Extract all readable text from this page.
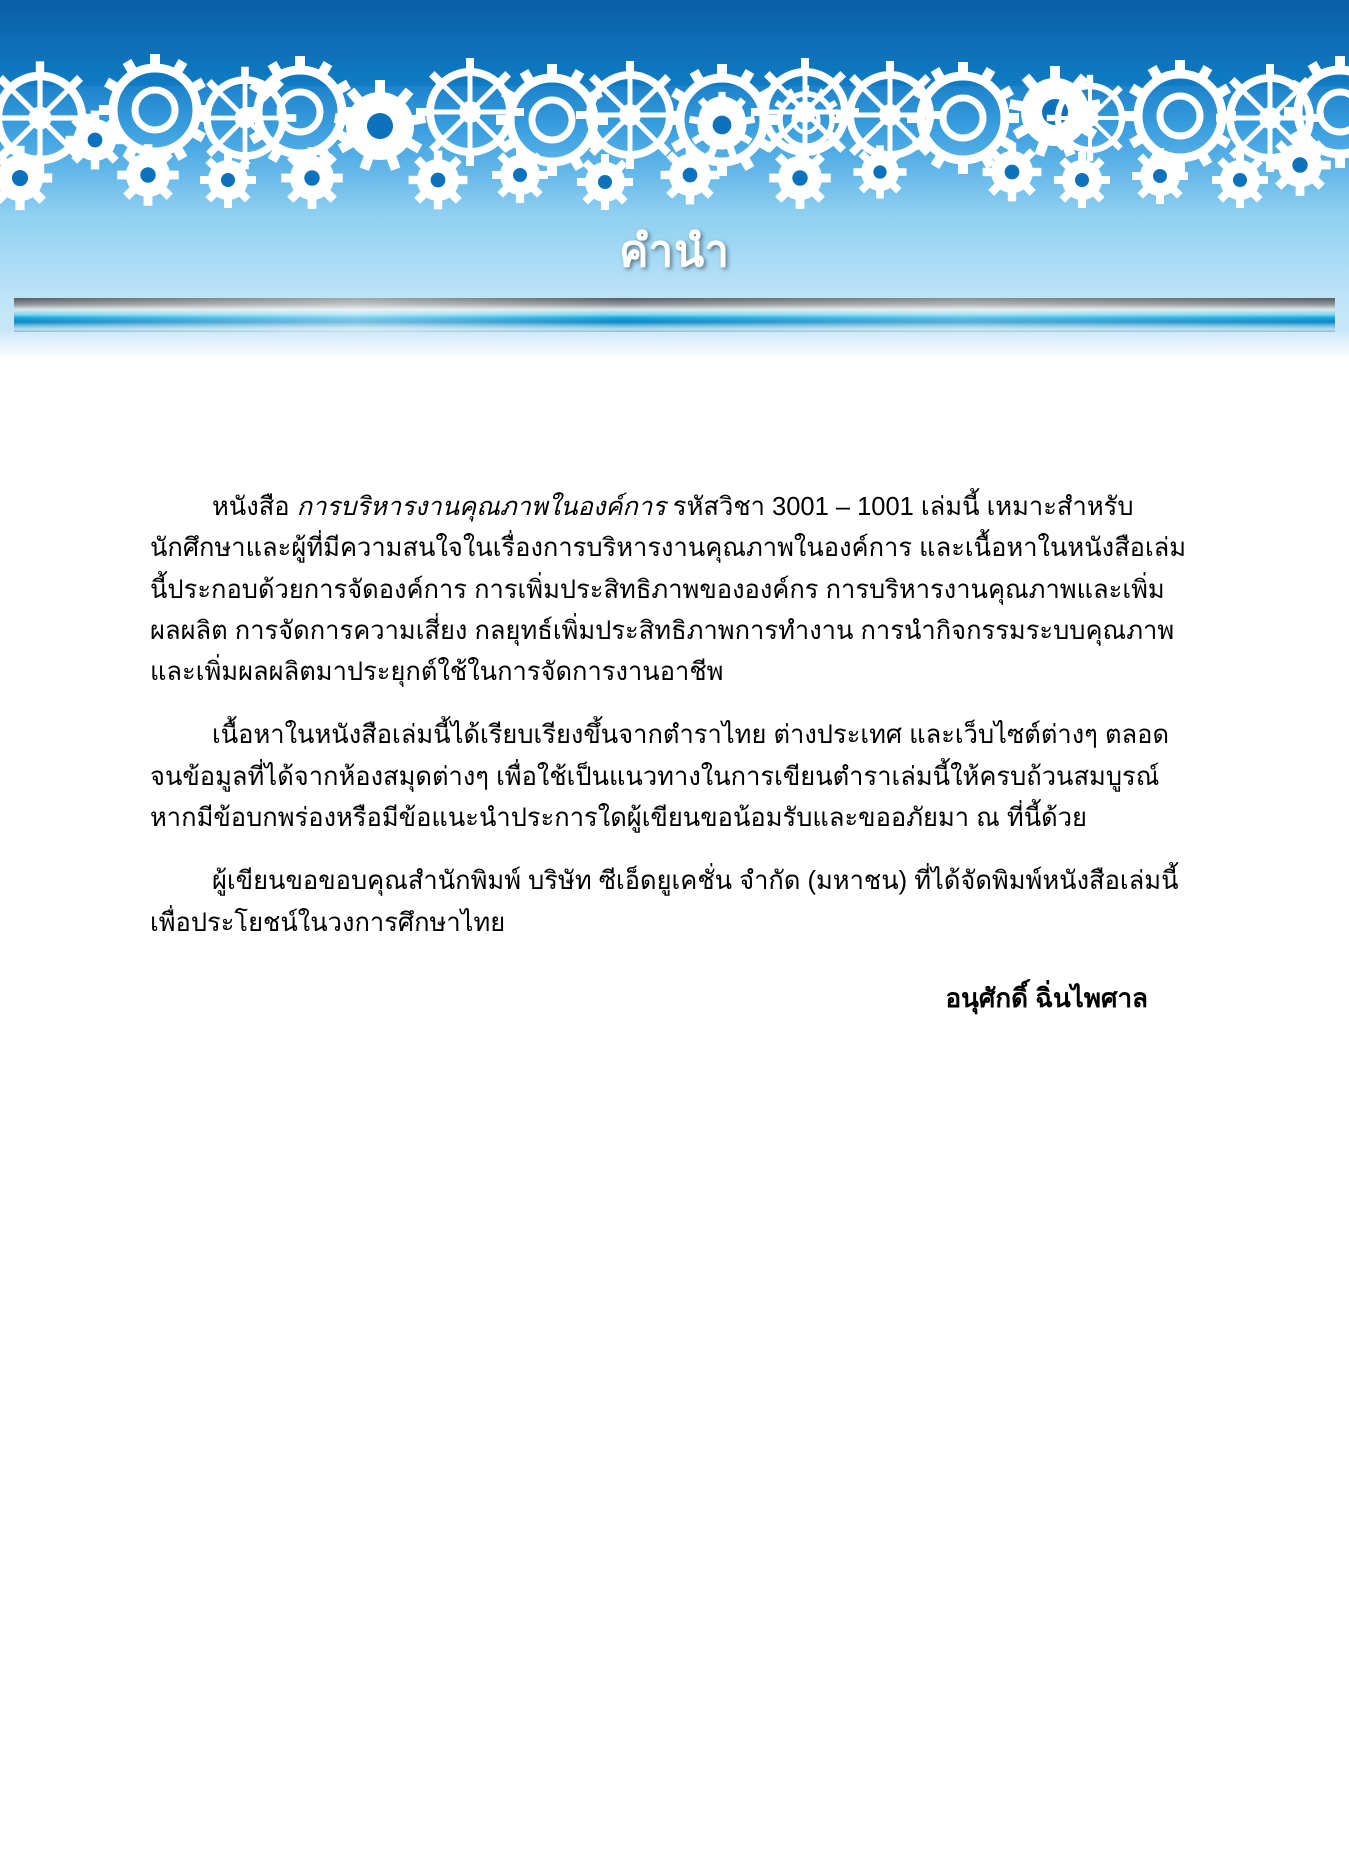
คำนำ

หนังสือ การบริหารงานคุณภาพในองค์การ รหัสวิชา 3001 – 1001 เล่มนี้ เหมาะสำหรับนักศึกษาและผู้ที่มีความสนใจในเรื่องการบริหารงานคุณภาพในองค์การ และเนื้อหาในหนังสือเล่มนี้ประกอบด้วยการจัดองค์การ การเพิ่มประสิทธิภาพขององค์กร การบริหารงานคุณภาพและเพิ่มผลผลิต การจัดการความเสี่ยง กลยุทธ์เพิ่มประสิทธิภาพการทำงาน การนำกิจกรรมระบบคุณภาพและเพิ่มผลผลิตมาประยุกต์ใช้ในการจัดการงานอาชีพ

เนื้อหาในหนังสือเล่มนี้ได้เรียบเรียงขึ้นจากตำราไทย ต่างประเทศ และเว็บไซต์ต่างๆ ตลอดจนข้อมูลที่ได้จากห้องสมุดต่างๆ เพื่อใช้เป็นแนวทางในการเขียนตำราเล่มนี้ให้ครบถ้วนสมบูรณ์ หากมีข้อบกพร่องหรือมีข้อแนะนำประการใดผู้เขียนขอน้อมรับและขออภัยมา ณ ที่นี้ด้วย

ผู้เขียนขอขอบคุณสำนักพิมพ์ บริษัท ซีเอ็ดยูเคชั่น จำกัด (มหาชน) ที่ได้จัดพิมพ์หนังสือเล่มนี้เพื่อประโยชน์ในวงการศึกษาไทย

อนุศักดิ์ ฉิ่นไพศาล
